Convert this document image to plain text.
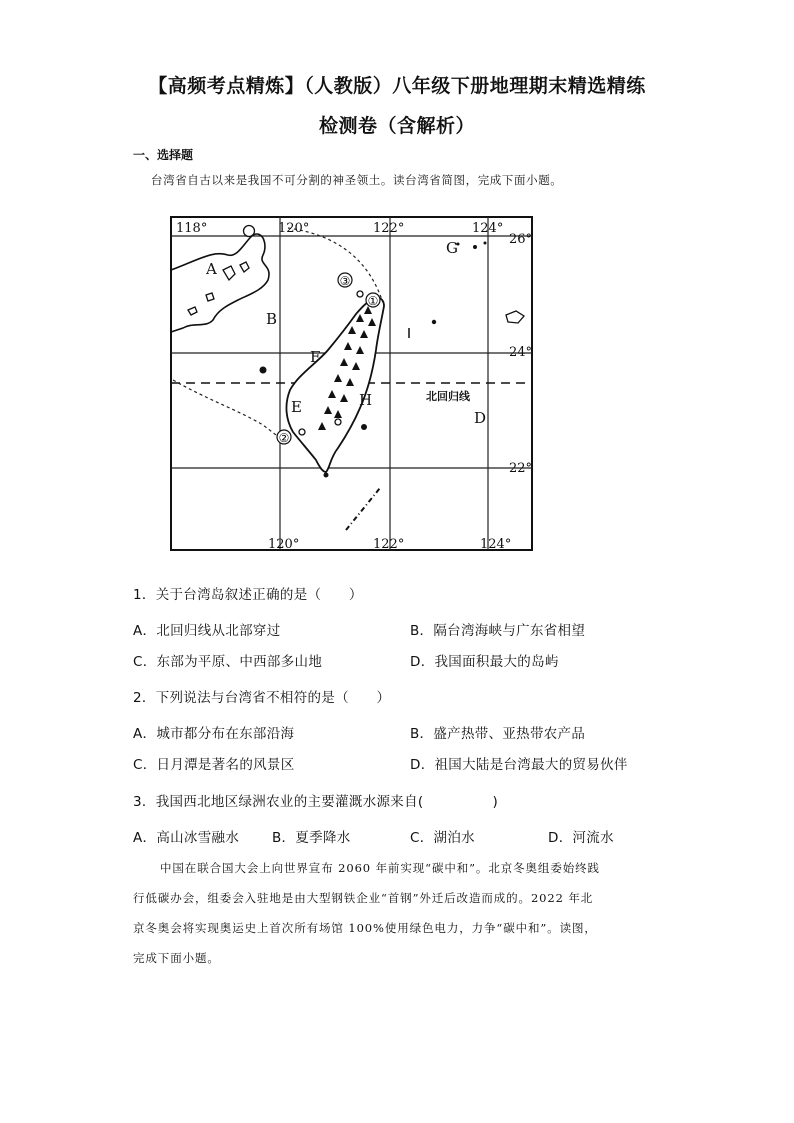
【高频考点精炼】（人教版）八年级下册地理期末精选精练
检测卷（含解析）
一、选择题
台湾省自古以来是我国不可分割的神圣领土。读台湾省简图，完成下面小题。
①
②
③
118°	120°	122°	124°
120°	122°	124°
26°
24°
22°
A
B
F
E	H
G
D
北回归线
1．关于台湾岛叙述正确的是（　　）
A．北回归线从北部穿过	B．隔台湾海峡与广东省相望
C．东部为平原、中西部多山地	D．我国面积最大的岛屿
2．下列说法与台湾省不相符的是（　　）
A．城市都分布在东部沿海	B．盛产热带、亚热带农产品
C．日月潭是著名的风景区	D．祖国大陆是台湾最大的贸易伙伴
3．我国西北地区绿洲农业的主要灌溉水源来自(　　　　　)
A．高山冰雪融水 B．夏季降水	C．湖泊水	D．河流水
中国在联合国大会上向世界宣布 2060 年前实现“碳中和”。北京冬奥组委始终践
行低碳办会，组委会入驻地是由大型钢铁企业“首钢”外迁后改造而成的。2022 年北
京冬奥会将实现奥运史上首次所有场馆 100%使用绿色电力，力争“碳中和”。读图，
完成下面小题。
